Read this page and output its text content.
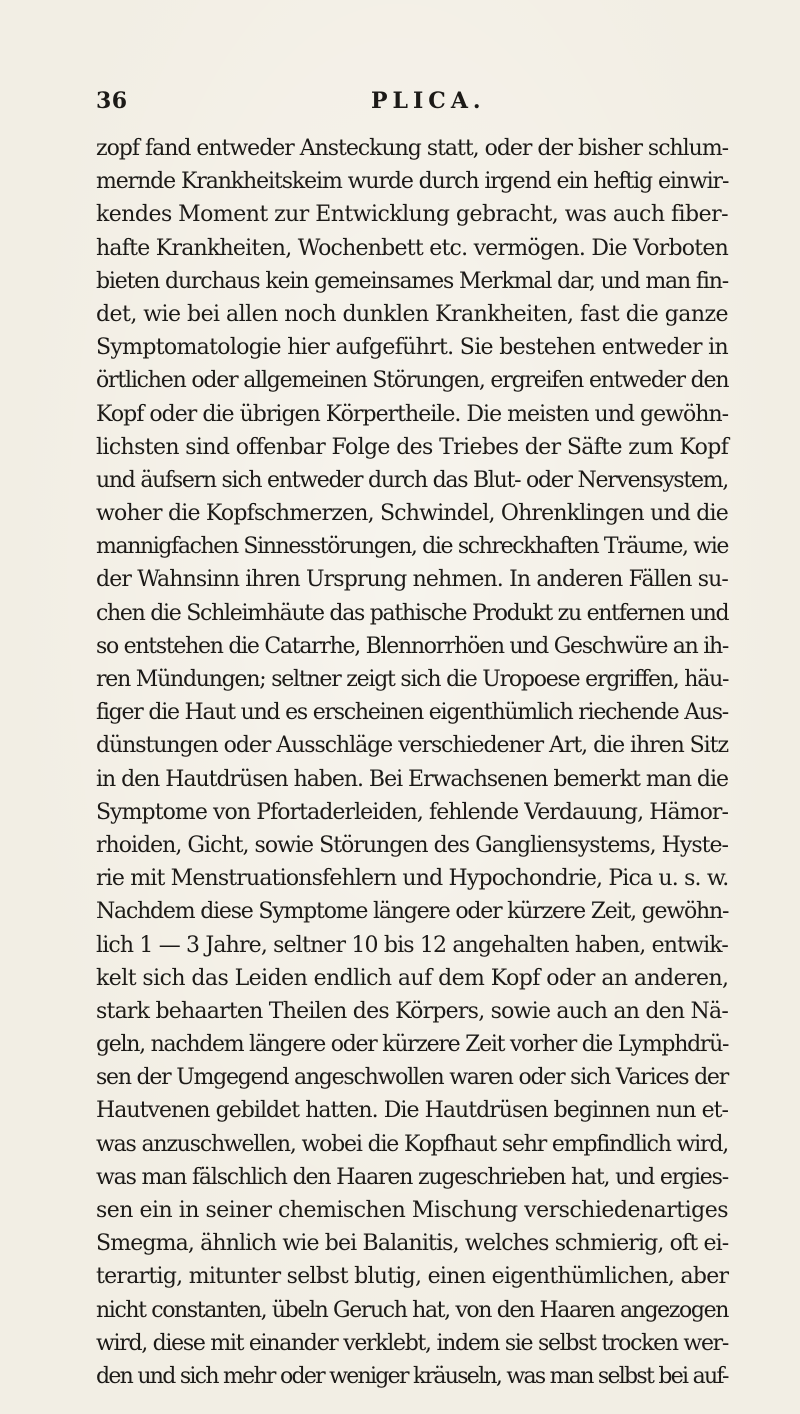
36	PLICA.
zopf fand entweder Ansteckung statt, oder der bisher schlum-
mernde Krankheitskeim wurde durch irgend ein heftig einwir-
kendes Moment zur Entwicklung gebracht, was auch fiber-
hafte Krankheiten, Wochenbett etc. vermögen. Die Vorboten
bieten durchaus kein gemeinsames Merkmal dar, und man fin-
det, wie bei allen noch dunklen Krankheiten, fast die ganze
Symptomatologie hier aufgeführt. Sie bestehen entweder in
örtlichen oder allgemeinen Störungen, ergreifen entweder den
Kopf oder die übrigen Körpertheile. Die meisten und gewöhn-
lichsten sind offenbar Folge des Triebes der Säfte zum Kopf
und äufsern sich entweder durch das Blut- oder Nervensystem,
woher die Kopfschmerzen, Schwindel, Ohrenklingen und die
mannigfachen Sinnesstörungen, die schreckhaften Träume, wie
der Wahnsinn ihren Ursprung nehmen. In anderen Fällen su-
chen die Schleimhäute das pathische Produkt zu entfernen und
so entstehen die Catarrhe, Blennorrhöen und Geschwüre an ih-
ren Mündungen; seltner zeigt sich die Uropoese ergriffen, häu-
figer die Haut und es erscheinen eigenthümlich riechende Aus-
dünstungen oder Ausschläge verschiedener Art, die ihren Sitz
in den Hautdrüsen haben. Bei Erwachsenen bemerkt man die
Symptome von Pfortaderleiden, fehlende Verdauung, Hämor-
rhoiden, Gicht, sowie Störungen des Gangliensystems, Hyste-
rie mit Menstruationsfehlern und Hypochondrie, Pica u. s. w.
Nachdem diese Symptome längere oder kürzere Zeit, gewöhn-
lich 1 — 3 Jahre, seltner 10 bis 12 angehalten haben, entwik-
kelt sich das Leiden endlich auf dem Kopf oder an anderen,
stark behaarten Theilen des Körpers, sowie auch an den Nä-
geln, nachdem längere oder kürzere Zeit vorher die Lymphdrü-
sen der Umgegend angeschwollen waren oder sich Varices der
Hautvenen gebildet hatten. Die Hautdrüsen beginnen nun et-
was anzuschwellen, wobei die Kopfhaut sehr empfindlich wird,
was man fälschlich den Haaren zugeschrieben hat, und ergies-
sen ein in seiner chemischen Mischung verschiedenartiges
Smegma, ähnlich wie bei Balanitis, welches schmierig, oft ei-
terartig, mitunter selbst blutig, einen eigenthümlichen, aber
nicht constanten, übeln Geruch hat, von den Haaren angezogen
wird, diese mit einander verklebt, indem sie selbst trocken wer-
den und sich mehr oder weniger kräuseln, was man selbst bei auf-
